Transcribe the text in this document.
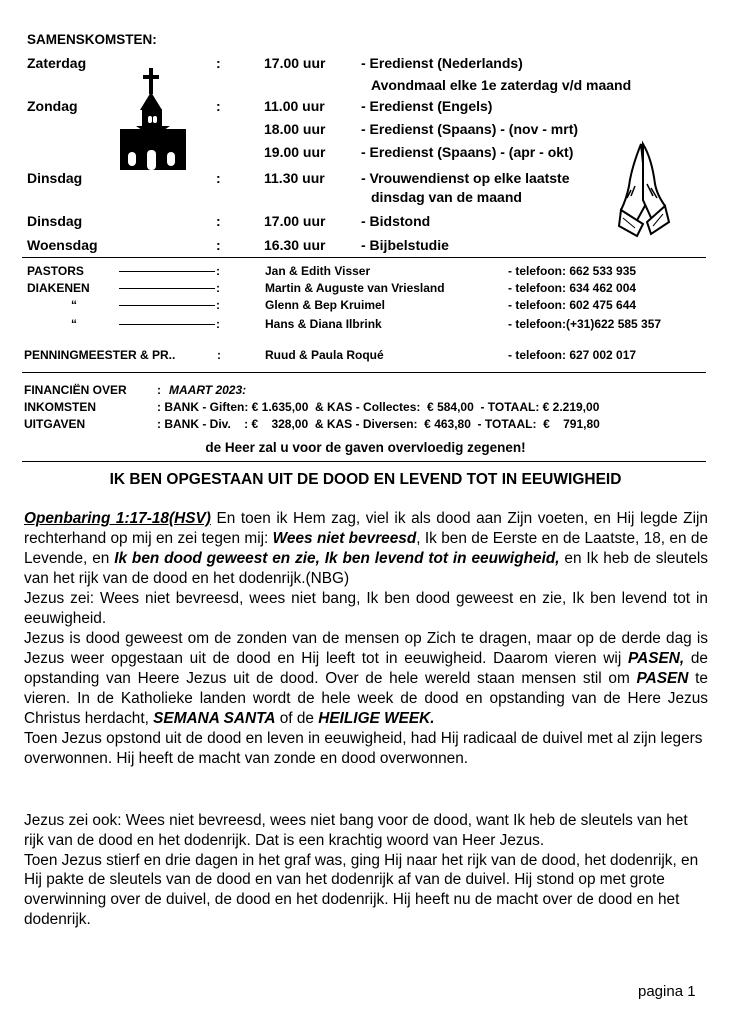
SAMENSKOMSTEN:
Zaterdag	:	17.00 uur	- Eredienst (Nederlands)
Avondmaal elke 1e zaterdag v/d maand
Zondag	:	11.00 uur	- Eredienst (Engels)
18.00 uur	- Eredienst (Spaans) - (nov - mrt)
19.00 uur	- Eredienst (Spaans) - (apr - okt)
Dinsdag	:	11.30 uur	- Vrouwendienst op elke laatste
dinsdag van de maand
Dinsdag	:	17.00 uur	- Bidstond
Woensdag	:	16.30 uur	- Bijbelstudie
PASTORS	:	Jan & Edith Visser	- telefoon: 662 533 935
DIAKENEN	:	Martin & Auguste van Vriesland	- telefoon: 634 462 004
“	:	Glenn & Bep Kruimel	- telefoon: 602 475 644
“	:	Hans & Diana Ilbrink	- telefoon:(+31)622 585 357
PENNINGMEESTER & PR..	:	Ruud & Paula Roqué	- telefoon: 627 002 017
FINANCIËN OVER	: MAART 2023:
INKOMSTEN	: BANK - Giften: € 1.635,00  & KAS - Collectes:  € 584,00  - TOTAAL: € 2.219,00
UITGAVEN	: BANK - Div.    : €    328,00  & KAS - Diversen:  € 463,80  - TOTAAL:  €    791,80
de Heer zal u voor de gaven overvloedig zegenen!
IK BEN OPGESTAAN UIT DE DOOD EN LEVEND TOT IN EEUWIGHEID

Openbaring 1:17-18(HSV) En toen ik Hem zag, viel ik als dood aan Zijn voeten, en Hij legde Zijn rechterhand op mij en zei tegen mij: Wees niet bevreesd, Ik ben de Eerste en de Laatste, 18, en de Levende, en Ik ben dood geweest en zie, Ik ben levend tot in eeuwigheid, en Ik heb de sleutels van het rijk van de dood en het dodenrijk.(NBG)

Jezus zei: Wees niet bevreesd, wees niet bang, Ik ben dood geweest en zie, Ik ben levend tot in eeuwigheid.

Jezus is dood geweest om de zonden van de mensen op Zich te dragen, maar op de derde dag is Jezus weer opgestaan uit de dood en Hij leeft tot in eeuwigheid. Daarom vieren wij PASEN, de opstanding van Heere Jezus uit de dood. Over de hele wereld staan mensen stil om PASEN te vieren. In de Katholieke landen wordt de hele week de dood en opstanding van de Here Jezus Christus herdacht, SEMANA SANTA of de HEILIGE WEEK.

Toen Jezus opstond uit de dood en leven in eeuwigheid, had Hij radicaal de duivel met al zijn legers overwonnen. Hij heeft de macht van zonde en dood overwonnen.

Jezus zei ook: Wees niet bevreesd, wees niet bang voor de dood, want Ik heb de sleutels van het rijk van de dood en het dodenrijk. Dat is een krachtig woord van Heer Jezus.

Toen Jezus stierf en drie dagen in het graf was, ging Hij naar het rijk van de dood, het dodenrijk, en Hij pakte de sleutels van de dood en van het dodenrijk af van de duivel. Hij stond op met grote overwinning over de duivel, de dood en het dodenrijk. Hij heeft nu de macht over de dood en het dodenrijk.

pagina 1
